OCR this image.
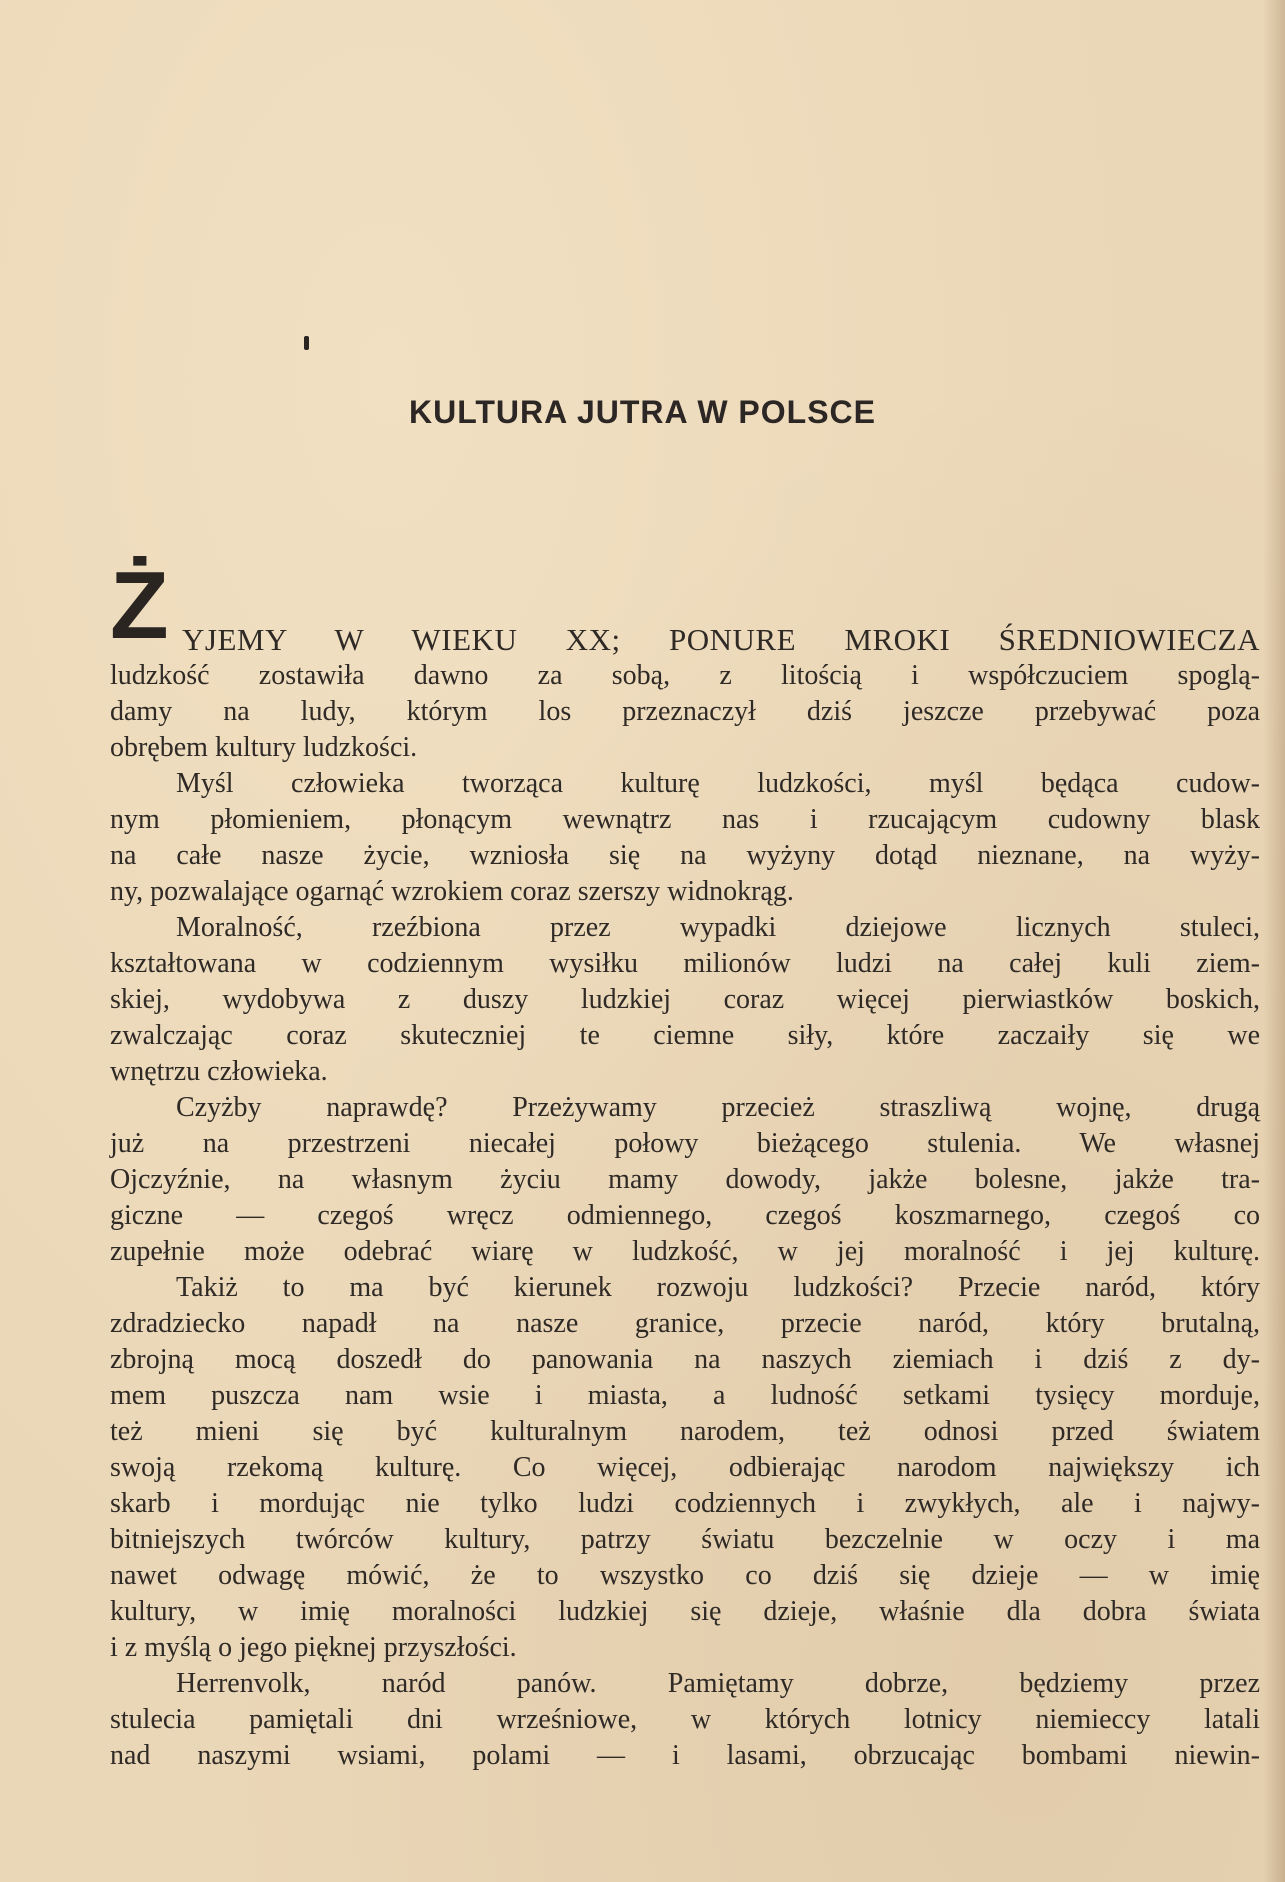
KULTURA JUTRA W POLSCE
Ż YJEMY W WIEKU XX; PONURE MROKI ŚREDNIOWIECZA
ludzkość zostawiła dawno za sobą, z litością i współczuciem spoglą-
damy na ludy, którym los przeznaczył dziś jeszcze przebywać poza
obrębem kultury ludzkości.
Myśl człowieka tworząca kulturę ludzkości, myśl będąca cudow-
nym płomieniem, płonącym wewnątrz nas i rzucającym cudowny blask
na całe nasze życie, wzniosła się na wyżyny dotąd nieznane, na wyży-
ny, pozwalające ogarnąć wzrokiem coraz szerszy widnokrąg.
Moralność, rzeźbiona przez wypadki dziejowe licznych stuleci,
kształtowana w codziennym wysiłku milionów ludzi na całej kuli ziem-
skiej, wydobywa z duszy ludzkiej coraz więcej pierwiastków boskich,
zwalczając coraz skuteczniej te ciemne siły, które zaczaiły się we
wnętrzu człowieka.
Czyżby naprawdę? Przeżywamy przecież straszliwą wojnę, drugą
już na przestrzeni niecałej połowy bieżącego stulenia. We własnej
Ojczyźnie, na własnym życiu mamy dowody, jakże bolesne, jakże tra-
giczne — czegoś wręcz odmiennego, czegoś koszmarnego, czegoś co
zupełnie może odebrać wiarę w ludzkość, w jej moralność i jej kulturę.
Takiż to ma być kierunek rozwoju ludzkości? Przecie naród, który
zdradziecko napadł na nasze granice, przecie naród, który brutalną,
zbrojną mocą doszedł do panowania na naszych ziemiach i dziś z dy-
mem puszcza nam wsie i miasta, a ludność setkami tysięcy morduje,
też mieni się być kulturalnym narodem, też odnosi przed światem
swoją rzekomą kulturę. Co więcej, odbierając narodom największy ich
skarb i mordując nie tylko ludzi codziennych i zwykłych, ale i najwy-
bitniejszych twórców kultury, patrzy światu bezczelnie w oczy i ma
nawet odwagę mówić, że to wszystko co dziś się dzieje — w imię
kultury, w imię moralności ludzkiej się dzieje, właśnie dla dobra świata
i z myślą o jego pięknej przyszłości.
Herrenvolk, naród panów. Pamiętamy dobrze, będziemy przez
stulecia pamiętali dni wrześniowe, w których lotnicy niemieccy latali
nad naszymi wsiami, polami — i lasami, obrzucając bombami niewin-
